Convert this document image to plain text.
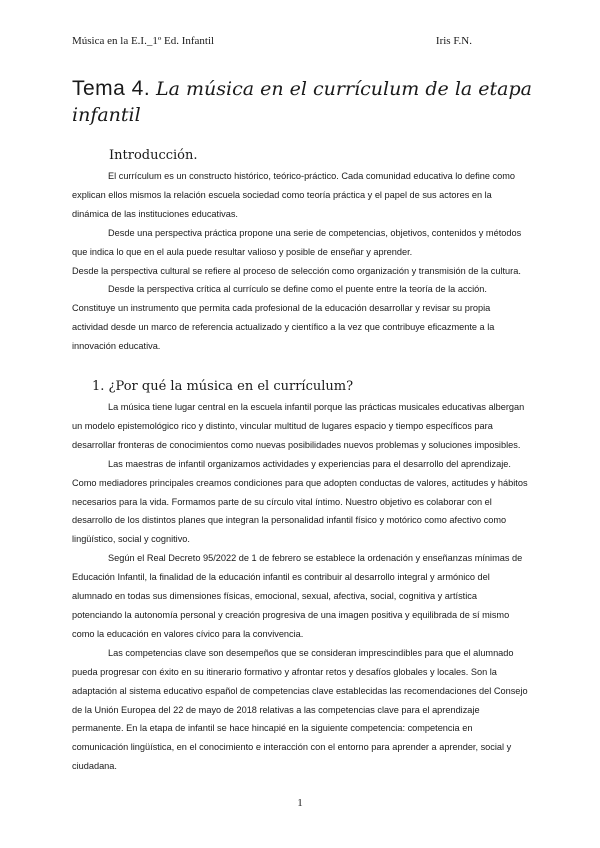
Música en la E.I._1º Ed. Infantil	Iris F.N.
Tema 4. La música en el currículum de la etapa infantil
Introducción.

El currículum es un constructo histórico, teórico-práctico. Cada comunidad educativa lo define como explican ellos mismos la relación escuela sociedad como teoría práctica y el papel de sus actores en la dinámica de las instituciones educativas.

Desde una perspectiva práctica propone una serie de competencias, objetivos, contenidos y métodos que indica lo que en el aula puede resultar valioso y posible de enseñar y aprender.

Desde la perspectiva cultural se refiere al proceso de selección como organización y transmisión de la cultura.

Desde la perspectiva crítica al currículo se define como el puente entre la teoría de la acción. Constituye un instrumento que permita cada profesional de la educación desarrollar y revisar su propia actividad desde un marco de referencia actualizado y científico a la vez que contribuye eficazmente a la innovación educativa.

1. ¿Por qué la música en el currículum?

La música tiene lugar central en la escuela infantil porque las prácticas musicales educativas albergan un modelo epistemológico rico y distinto, vincular multitud de lugares espacio y tiempo específicos para desarrollar fronteras de conocimientos como nuevas posibilidades nuevos problemas y soluciones imposibles.

Las maestras de infantil organizamos actividades y experiencias para el desarrollo del aprendizaje. Como mediadores principales creamos condiciones para que adopten conductas de valores, actitudes y hábitos necesarios para la vida. Formamos parte de su círculo vital íntimo. Nuestro objetivo es colaborar con el desarrollo de los distintos planes que integran la personalidad infantil físico y motórico como afectivo como lingüístico, social y cognitivo.

Según el Real Decreto 95/2022 de 1 de febrero se establece la ordenación y enseñanzas mínimas de Educación Infantil, la finalidad de la educación infantil es contribuir al desarrollo integral y armónico del alumnado en todas sus dimensiones físicas, emocional, sexual, afectiva, social, cognitiva y artística potenciando la autonomía personal y creación progresiva de una imagen positiva y equilibrada de sí mismo como la educación en valores cívico para la convivencia.

Las competencias clave son desempeños que se consideran imprescindibles para que el alumnado pueda progresar con éxito en su itinerario formativo y afrontar retos y desafíos globales y locales. Son la adaptación al sistema educativo español de competencias clave establecidas las recomendaciones del Consejo de la Unión Europea del 22 de mayo de 2018 relativas a las competencias clave para el aprendizaje permanente. En la etapa de infantil se hace hincapié en la siguiente competencia: competencia en comunicación lingüística, en el conocimiento e interacción con el entorno para aprender a aprender, social y ciudadana.

1
